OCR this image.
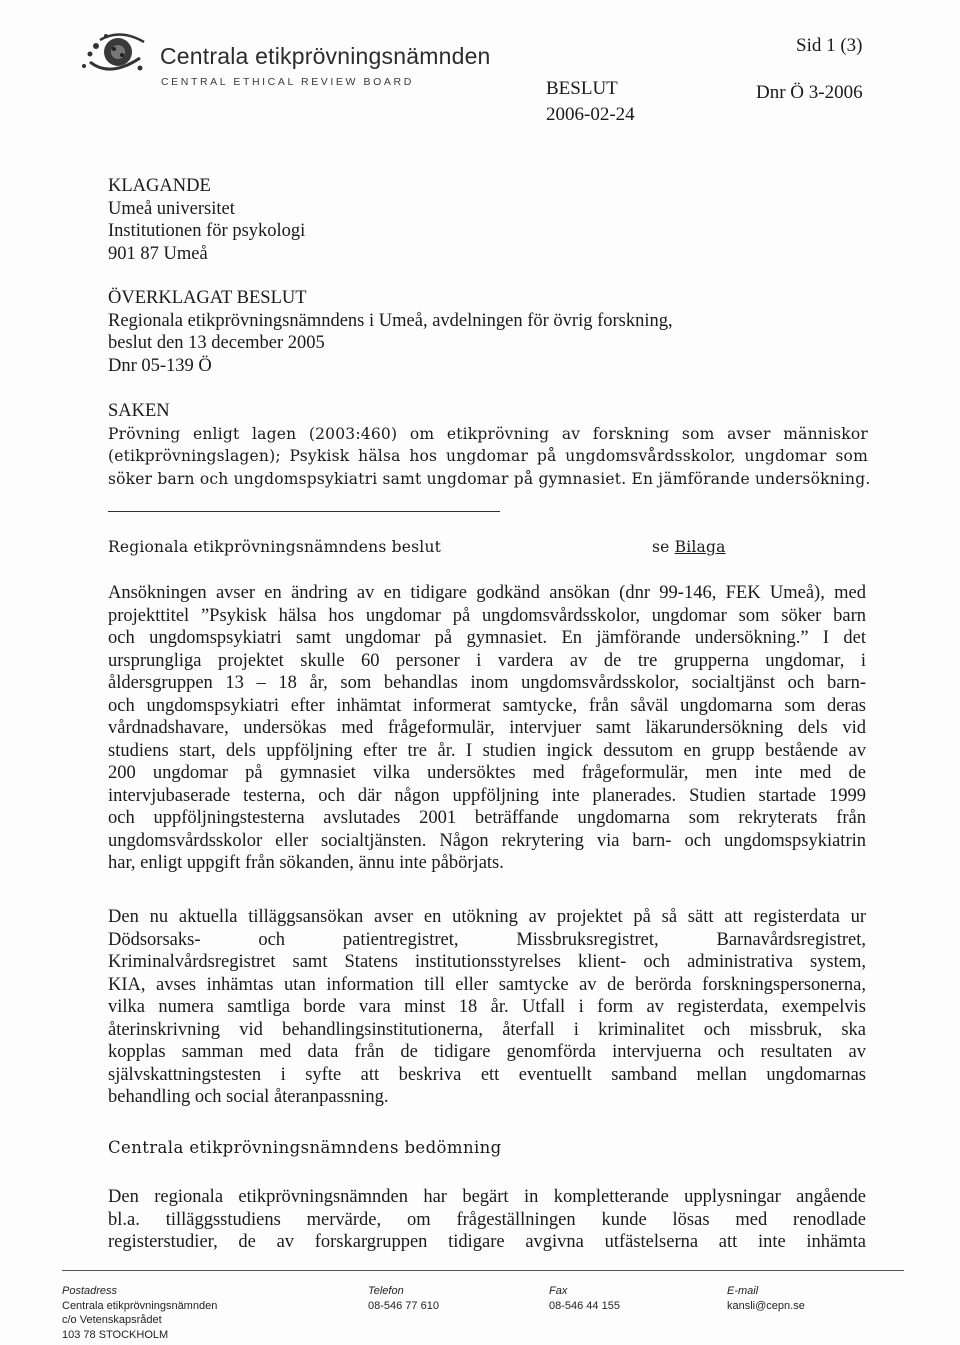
Centrala etikprövningsnämnden
CENTRAL ETHICAL REVIEW BOARD
Sid 1 (3)
BESLUT	Dnr Ö 3-2006
2006-02-24
KLAGANDE
Umeå universitet
Institutionen för psykologi
901 87 Umeå
ÖVERKLAGAT BESLUT
Regionala etikprövningsnämndens i Umeå, avdelningen för övrig forskning,
beslut den 13 december 2005
Dnr 05-139 Ö
SAKEN
Prövning enligt lagen (2003:460) om etikprövning av forskning som avser människor
(etikprövningslagen); Psykisk hälsa hos ungdomar på ungdomsvårdsskolor, ungdomar som
söker barn och ungdomspsykiatri samt ungdomar på gymnasiet. En jämförande undersökning.
Regionala etikprövningsnämndens beslut	se Bilaga
Ansökningen avser en ändring av en tidigare godkänd ansökan (dnr 99-146, FEK Umeå), med
projekttitel ”Psykisk hälsa hos ungdomar på ungdomsvårdsskolor, ungdomar som söker barn
och ungdomspsykiatri samt ungdomar på gymnasiet. En jämförande undersökning.” I det
ursprungliga projektet skulle 60 personer i vardera av de tre grupperna ungdomar, i
åldersgruppen 13 – 18 år, som behandlas inom ungdomsvårdsskolor, socialtjänst och barn-
och ungdomspsykiatri efter inhämtat informerat samtycke, från såväl ungdomarna som deras
vårdnadshavare, undersökas med frågeformulär, intervjuer samt läkarundersökning dels vid
studiens start, dels uppföljning efter tre år. I studien ingick dessutom en grupp bestående av
200 ungdomar på gymnasiet vilka undersöktes med frågeformulär, men inte med de
intervjubaserade testerna, och där någon uppföljning inte planerades. Studien startade 1999
och uppföljningstesterna avslutades 2001 beträffande ungdomarna som rekryterats från
ungdomsvårdsskolor eller socialtjänsten. Någon rekrytering via barn- och ungdomspsykiatrin
har, enligt uppgift från sökanden, ännu inte påbörjats.
Den nu aktuella tilläggsansökan avser en utökning av projektet på så sätt att registerdata ur
Dödsorsaks- och patientregistret, Missbruksregistret, Barnavårdsregistret,
Kriminalvårdsregistret samt Statens institutionsstyrelses klient- och administrativa system,
KIA, avses inhämtas utan information till eller samtycke av de berörda forskningspersonerna,
vilka numera samtliga borde vara minst 18 år. Utfall i form av registerdata, exempelvis
återinskrivning vid behandlingsinstitutionerna, återfall i kriminalitet och missbruk, ska
kopplas samman med data från de tidigare genomförda intervjuerna och resultaten av
självskattningstesten i syfte att beskriva ett eventuellt samband mellan ungdomarnas
behandling och social återanpassning.
Centrala etikprövningsnämndens bedömning
Den regionala etikprövningsnämnden har begärt in kompletterande upplysningar angående
bl.a. tilläggsstudiens mervärde, om frågeställningen kunde lösas med renodlade
registerstudier, de av forskargruppen tidigare avgivna utfästelserna att inte inhämta
Postadress
Centrala etikprövningsnämnden
c/o Vetenskapsrådet
103 78 STOCKHOLM
Telefon
08-546 77 610
Fax
08-546 44 155
E-mail
kansli@cepn.se
